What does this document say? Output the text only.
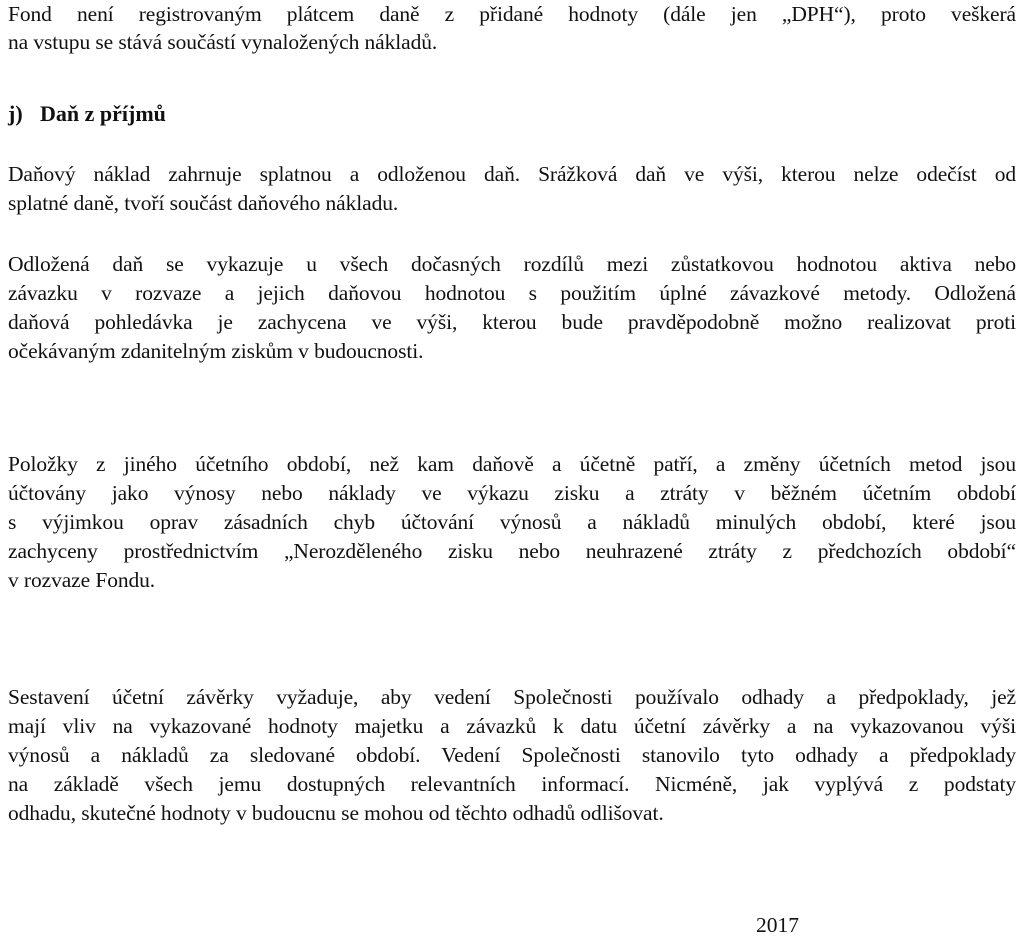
Fond není registrovaným plátcem daně z přidané hodnoty (dále jen „DPH“), proto veškerá
na vstupu se stává součástí vynaložených nákladů.
j) Daň z příjmů
Daňový náklad zahrnuje splatnou a odloženou daň. Srážková daň ve výši, kterou nelze odečíst od
splatné daně, tvoří součást daňového nákladu.
Odložená daň se vykazuje u všech dočasných rozdílů mezi zůstatkovou hodnotou aktiva nebo
závazku v rozvaze a jejich daňovou hodnotou s použitím úplné závazkové metody. Odložená
daňová pohledávka je zachycena ve výši, kterou bude pravděpodobně možno realizovat proti
očekávaným zdanitelným ziskům v budoucnosti.
Položky z jiného účetního období, než kam daňově a účetně patří, a změny účetních metod jsou
účtovány jako výnosy nebo náklady ve výkazu zisku a ztráty v běžném účetním období
s výjimkou oprav zásadních chyb účtování výnosů a nákladů minulých období, které jsou
zachyceny prostřednictvím „Nerozděleného zisku nebo neuhrazené ztráty z předchozích období“
v rozvaze Fondu.
Sestavení účetní závěrky vyžaduje, aby vedení Společnosti používalo odhady a předpoklady, jež
mají vliv na vykazované hodnoty majetku a závazků k datu účetní závěrky a na vykazovanou výši
výnosů a nákladů za sledované období. Vedení Společnosti stanovilo tyto odhady a předpoklady
na základě všech jemu dostupných relevantních informací. Nicméně, jak vyplývá z podstaty
odhadu, skutečné hodnoty v budoucnu se mohou od těchto odhadů odlišovat.
2017
